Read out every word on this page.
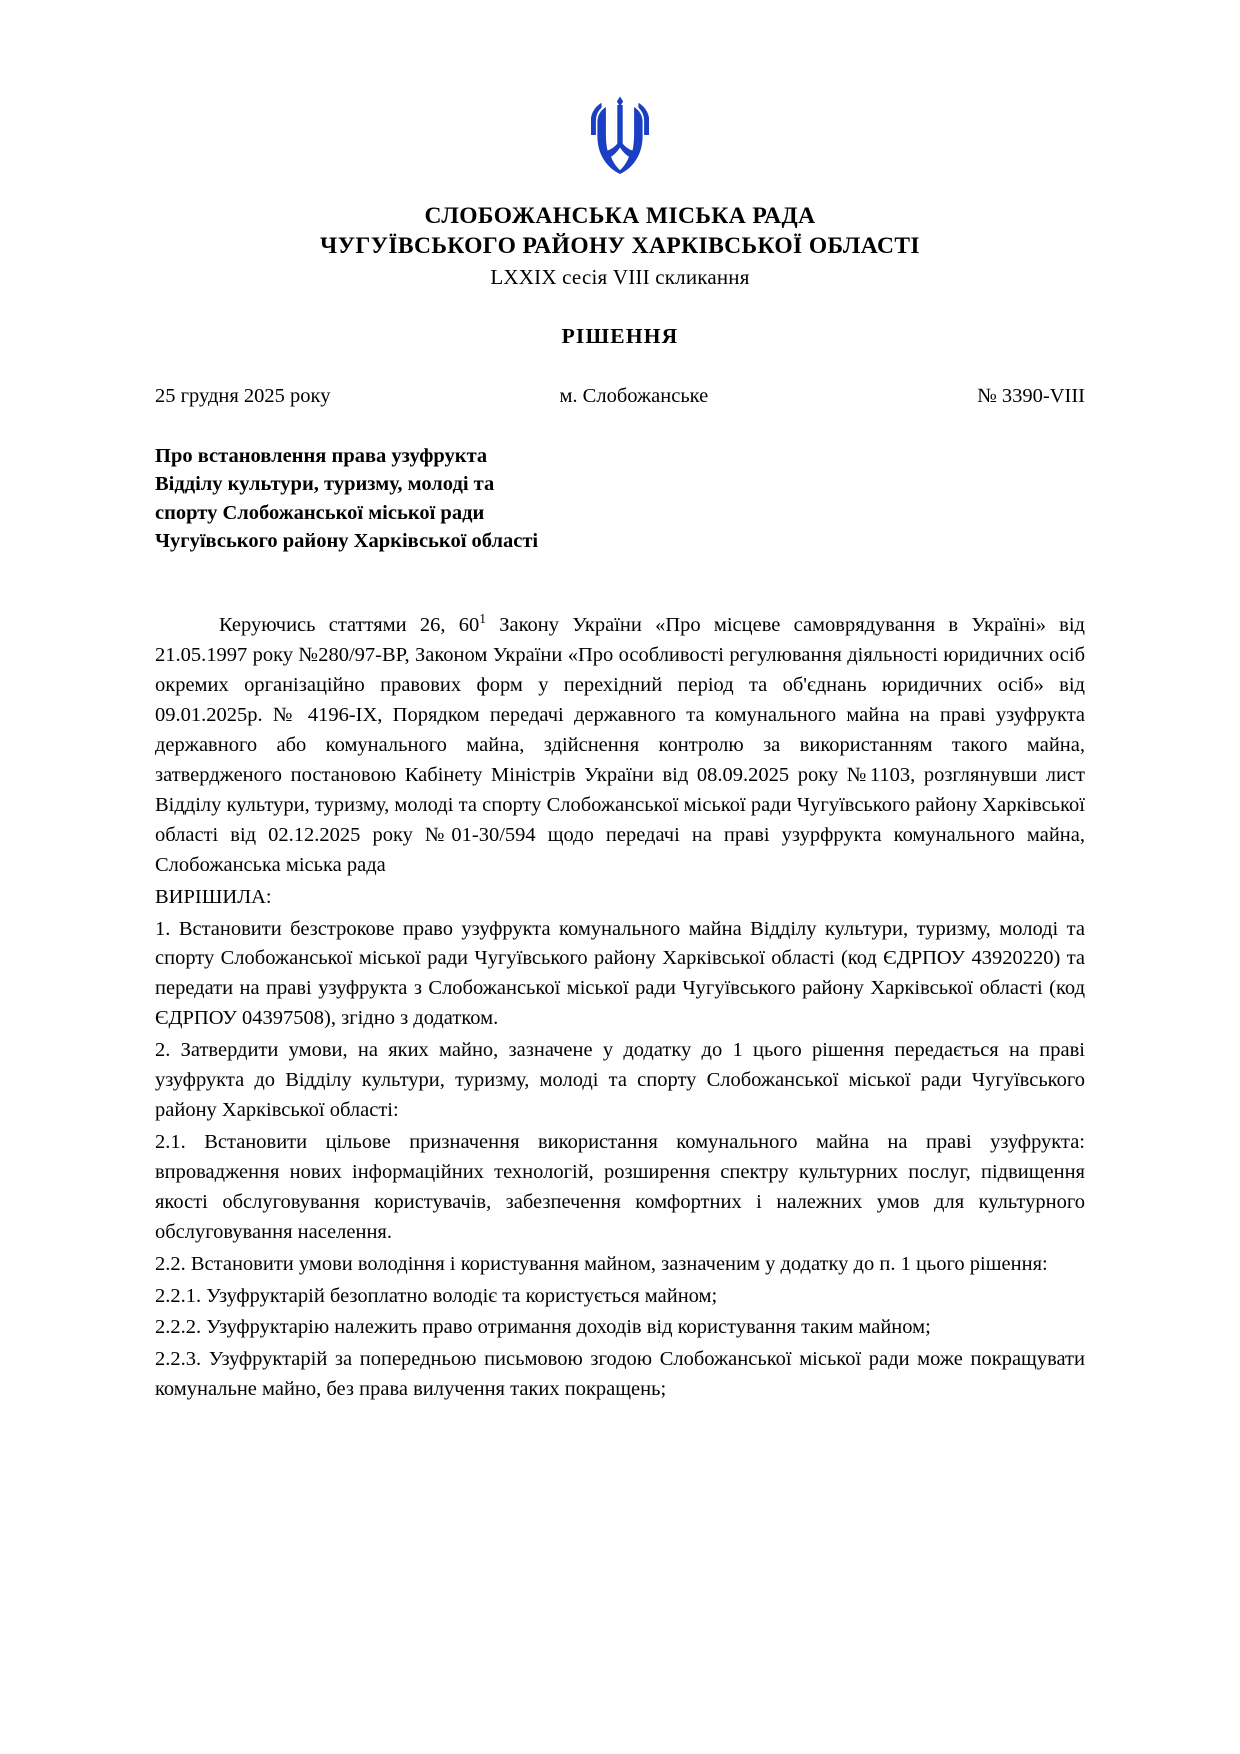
СЛОБОЖАНСЬКА МІСЬКА РАДА
ЧУГУЇВСЬКОГО РАЙОНУ ХАРКІВСЬКОЇ ОБЛАСТІ
LXXIX сесія VIII скликання
РІШЕННЯ
25 грудня 2025 року	м. Слобожанське	№ 3390-VIII
Про встановлення права узуфрукта
Відділу культури, туризму, молоді та
спорту Слобожанської міської ради
Чугуївського району Харківської області

Керуючись статтями 26, $60^1$ Закону України «Про місцеве самоврядування в Україні» від 21.05.1997 року №280/97-ВР, Законом України «Про особливості регулювання діяльності юридичних осіб окремих організаційно правових форм у перехідний період та об'єднань юридичних осіб» від 09.01.2025р. № 4196-IX, Порядком передачі державного та комунального майна на праві узуфрукта державного або комунального майна, здійснення контролю за використанням такого майна, затвердженого постановою Кабінету Міністрів України від 08.09.2025 року №1103, розглянувши лист Відділу культури, туризму, молоді та спорту Слобожанської міської ради Чугуївського району Харківської області від 02.12.2025 року №01-30/594 щодо передачі на праві узурфрукта комунального майна, Слобожанська міська рада

ВИРІШИЛА:

1. Встановити безстрокове право узуфрукта комунального майна Відділу культури, туризму, молоді та спорту Слобожанської міської ради Чугуївського району Харківської області (код ЄДРПОУ 43920220) та передати на праві узуфрукта з Слобожанської міської ради Чугуївського району Харківської області (код ЄДРПОУ 04397508), згідно з додатком.

2. Затвердити умови, на яких майно, зазначене у додатку до 1 цього рішення передається на праві узуфрукта до Відділу культури, туризму, молоді та спорту Слобожанської міської ради Чугуївського району Харківської області:

2.1. Встановити цільове призначення використання комунального майна на праві узуфрукта: впровадження нових інформаційних технологій, розширення спектру культурних послуг, підвищення якості обслуговування користувачів, забезпечення комфортних і належних умов для культурного обслуговування населення.

2.2. Встановити умови володіння і користування майном, зазначеним у додатку до п. 1 цього рішення:

2.2.1. Узуфруктарій безоплатно володіє та користується майном;

2.2.2. Узуфруктарію належить право отримання доходів від користування таким майном;

2.2.3. Узуфруктарій за попередньою письмовою згодою Слобожанської міської ради може покращувати комунальне майно, без права вилучення таких покращень;
